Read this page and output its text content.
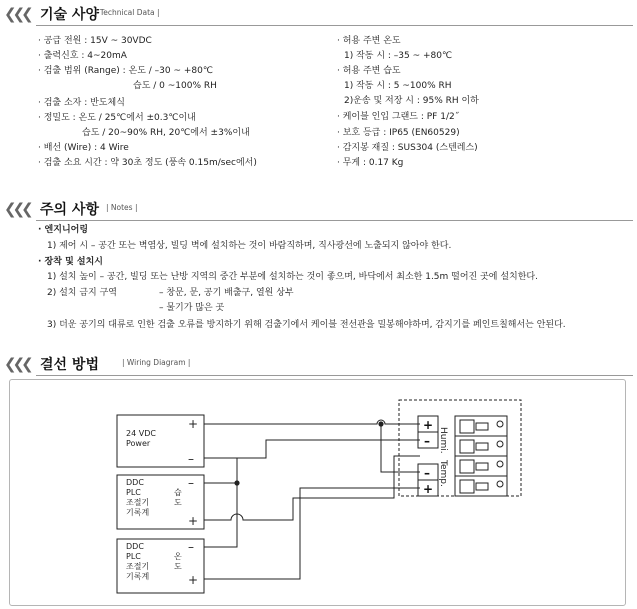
❮❮❮ 기술 사양
| Technical Data |
· 공급 전원 : 15V ~ 30VDC
· 출력신호 : 4~20mA
· 검출 범위 (Range) : 온도 / –30 ~ +80℃
습도 / 0 ~100% RH
· 검출 소자 : 반도체식
· 정밀도 : 온도 / 25℃에서 ±0.3℃이내
습도 / 20~90% RH, 20℃에서 ±3%이내
· 배선 (Wire) : 4 Wire
· 검출 소요 시간 : 약 30초 정도 (풍속 0.15m/sec에서)
· 허용 주변 온도
1) 작동 시 : –35 ~ +80℃
· 허용 주변 습도
1) 작동 시 : 5 ~100% RH
2)운송 및 저장 시 : 95% RH 이하
· 케이블 인입 그랜드 : PF 1/2˝
· 보호 등급 : IP65 (EN60529)
· 감지봉 재질 : SUS304 (스텐레스)
· 무게 : 0.17 Kg
❮❮❮ 주의 사항 | Notes |
· 엔지니어링
1) 제어 시 – 공간 또는 벽염상, 빌딩 벽에 설치하는 것이 바람직하며, 직사광선에 노출되지 않아야 한다.
· 장착 및 설치시
1) 설치 높이 – 공간, 빌딩 또는 난방 지역의 중간 부분에 설치하는 것이 좋으며, 바닥에서 최소한 1.5m 떨어진 곳에 설치한다.
2) 설치 금지 구역	– 창문, 문, 공기 배출구, 열원 상부
– 물기가 많은 곳
3) 더운 공기의 대류로 인한 검출 오류를 방지하기 위해 검출기에서 케이블 전선관을 밀봉해야하며, 감지기를 페인트칠해서는 안된다.
❮❮❮ 결선 방법	| Wiring Diagram |
24 VDC
Power
DDC
PLC
조절기
기록계
습
도
DDC
PLC
조절기
기록계
온
도
+
–
–
+
–
+
+
–
–
+
Humi.
Temp.
